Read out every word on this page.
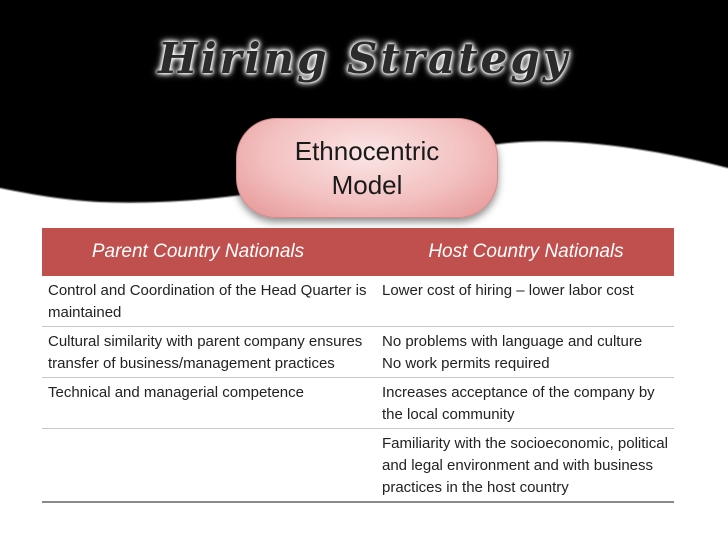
Hiring Strategy
Ethnocentric
Model
Parent Country Nationals	Host Country Nationals
Control and Coordination of the Head Quarter is maintained
Lower cost of hiring – lower labor cost
Cultural similarity with parent company ensures transfer of business/management practices
No problems with language and culture
No work permits required
Technical and managerial competence	Increases acceptance of the company by the local community
Familiarity with the socioeconomic, political and legal environment and with business practices in the host country
